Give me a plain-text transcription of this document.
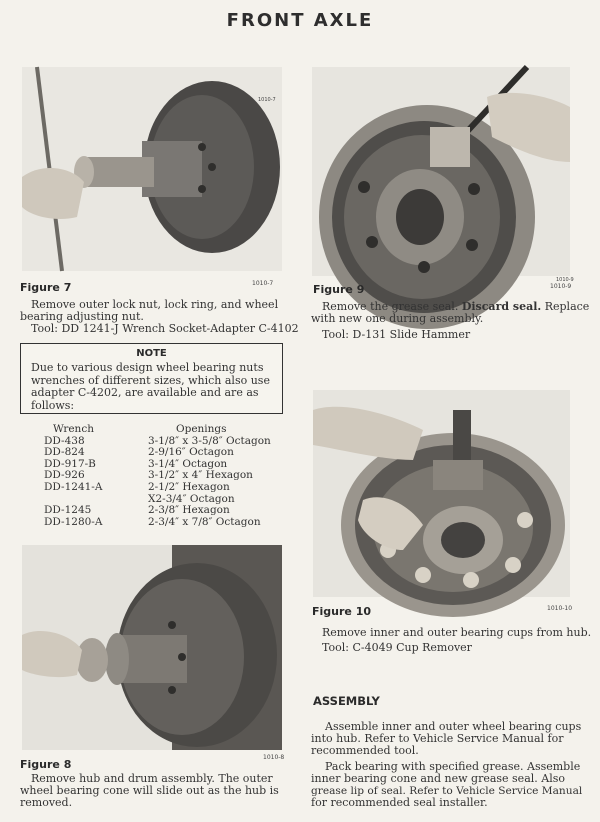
FRONT AXLE
1010-7
Figure 7	1010-7
Remove outer lock nut, lock ring, and wheel
bearing adjusting nut.
Tool: DD 1241-J Wrench Socket-Adapter C-4102
NOTE
Due to various design wheel bearing nuts
wrenches of different sizes, which also use
adapter C-4202, are available and are as
follows:
Wrench	Openings
DD-438	3-1/8″ x 3-5/8″ Octagon
DD-824	2-9/16″ Octagon
DD-917-B	3-1/4″ Octagon
DD-926	3-1/2″ x 4″ Hexagon
DD-1241-A	2-1/2″ Hexagon
X2-3/4″ Octagon
DD-1245	2-3/8″ Hexagon
DD-1280-A	2-3/4″ x 7/8″ Octagon
Figure 8
1010-8
Remove hub and drum assembly. The outer
wheel bearing cone will slide out as the hub is
removed.
1010-9
Figure 9	1010-9
Remove the grease seal. Discard seal. Replace
with new one during assembly.
Tool: D-131 Slide Hammer
Figure 10	1010-10
Remove inner and outer bearing cups from hub.
Tool: C-4049 Cup Remover
ASSEMBLY
Assemble inner and outer wheel bearing cups
into hub. Refer to Vehicle Service Manual for
recommended tool.
Pack bearing with specified grease. Assemble
inner bearing cone and new grease seal. Also
grease lip of seal. Refer to Vehicle Service Manual
for recommended seal installer.
